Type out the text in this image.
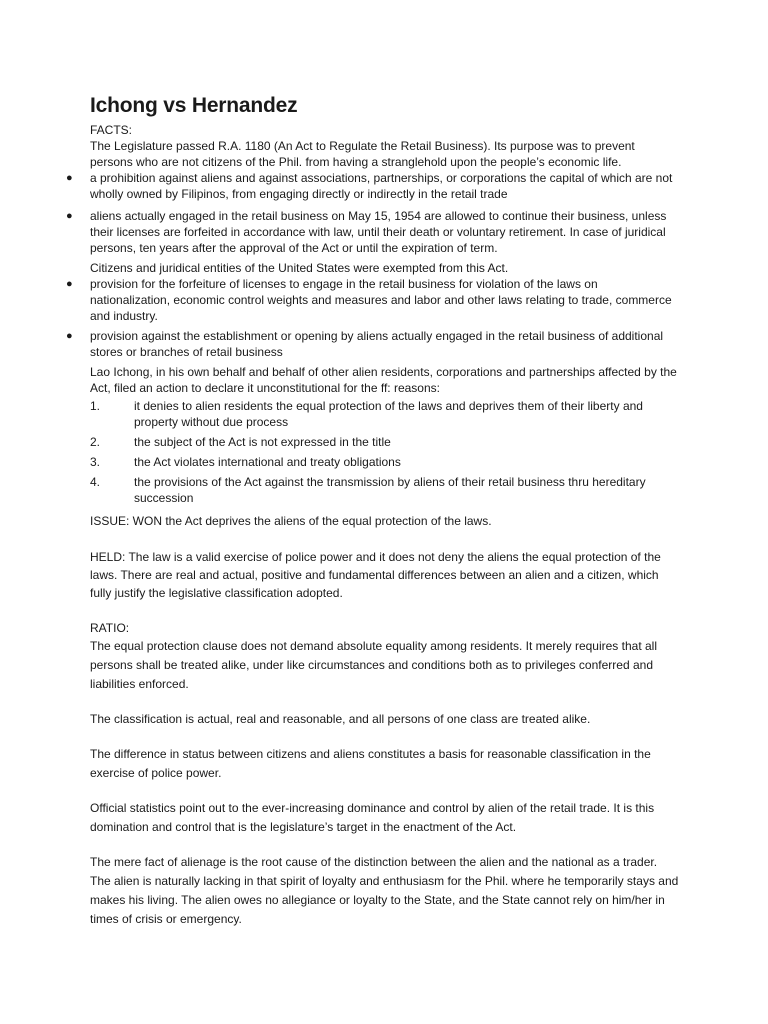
Ichong vs Hernandez

FACTS:

The Legislature passed R.A. 1180 (An Act to Regulate the Retail Business). Its purpose was to prevent persons who are not citizens of the Phil. from having a stranglehold upon the people’s economic life.

● a prohibition against aliens and against associations, partnerships, or corporations the capital of which are not wholly owned by Filipinos, from engaging directly or indirectly in the retail trade
● aliens actually engaged in the retail business on May 15, 1954 are allowed to continue their business, unless their licenses are forfeited in accordance with law, until their death or voluntary retirement. In case of juridical persons, ten years after the approval of the Act or until the expiration of term.

Citizens and juridical entities of the United States were exempted from this Act.

● provision for the forfeiture of licenses to engage in the retail business for violation of the laws on nationalization, economic control weights and measures and labor and other laws relating to trade, commerce and industry.
● provision against the establishment or opening by aliens actually engaged in the retail business of additional stores or branches of retail business

Lao Ichong, in his own behalf and behalf of other alien residents, corporations and partnerships affected by the Act, filed an action to declare it unconstitutional for the ff: reasons:

1.	it denies to alien residents the equal protection of the laws and deprives them of their liberty and property without due process
2.	the subject of the Act is not expressed in the title
3.	the Act violates international and treaty obligations
4.	the provisions of the Act against the transmission by aliens of their retail business thru hereditary succession

ISSUE: WON the Act deprives the aliens of the equal protection of the laws.

HELD: The law is a valid exercise of police power and it does not deny the aliens the equal protection of the laws. There are real and actual, positive and fundamental differences between an alien and a citizen, which fully justify the legislative classification adopted.

RATIO:

The equal protection clause does not demand absolute equality among residents. It merely requires that all persons shall be treated alike, under like circumstances and conditions both as to privileges conferred and liabilities enforced.

The classification is actual, real and reasonable, and all persons of one class are treated alike.

The difference in status between citizens and aliens constitutes a basis for reasonable classification in the exercise of police power.

Official statistics point out to the ever-increasing dominance and control by alien of the retail trade. It is this domination and control that is the legislature’s target in the enactment of the Act.

The mere fact of alienage is the root cause of the distinction between the alien and the national as a trader. The alien is naturally lacking in that spirit of loyalty and enthusiasm for the Phil. where he temporarily stays and makes his living. The alien owes no allegiance or loyalty to the State, and the State cannot rely on him/her in times of crisis or emergency.
